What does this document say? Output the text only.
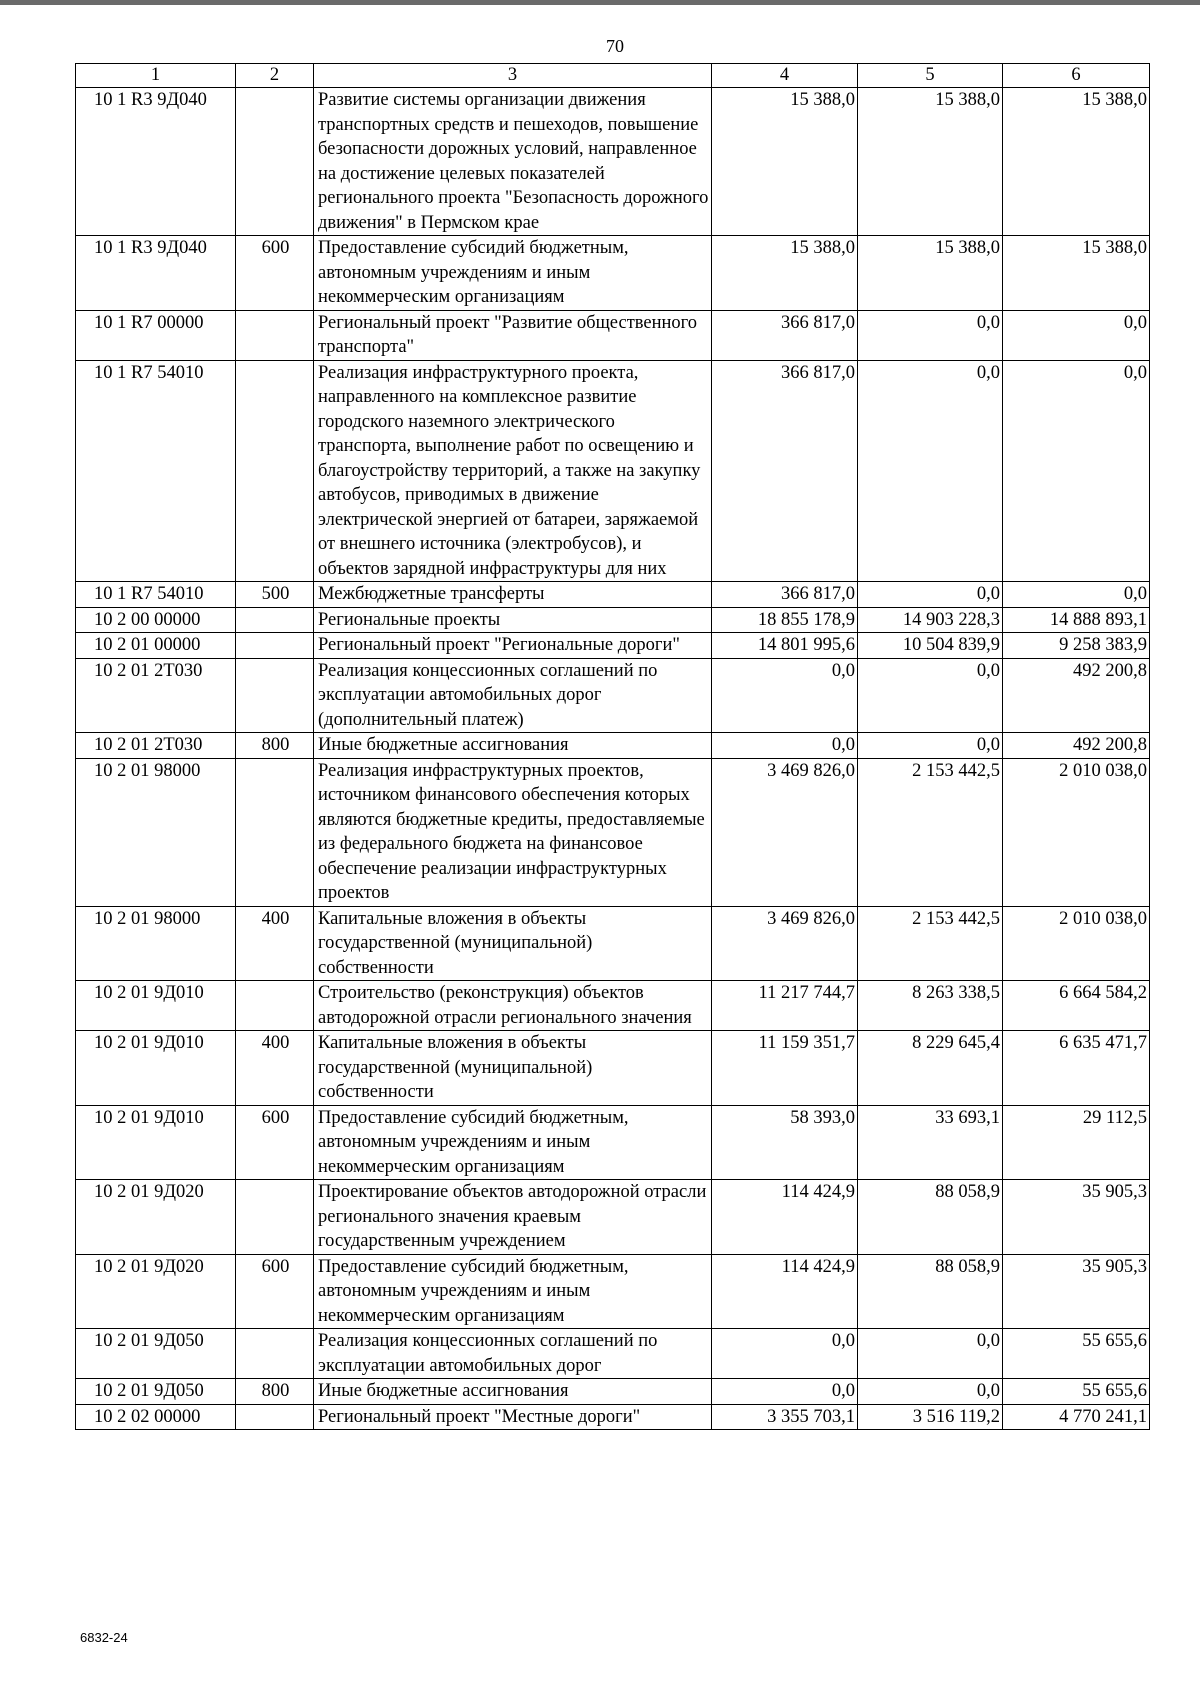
70
1	2	3	4	5	6
10 1 R3 9Д040		Развитие системы организации движения транспортных средств и пешеходов, повышение безопасности дорожных условий, направленное на достижение целевых показателей регионального проекта "Безопасность дорожного движения" в Пермском крае	15 388,0	15 388,0	15 388,0
10 1 R3 9Д040	600	Предоставление субсидий бюджетным, автономным учреждениям и иным некоммерческим организациям	15 388,0	15 388,0	15 388,0
10 1 R7 00000		Региональный проект "Развитие общественного транспорта"	366 817,0	0,0	0,0
10 1 R7 54010		Реализация инфраструктурного проекта, направленного на комплексное развитие городского наземного электрического транспорта, выполнение работ по освещению и благоустройству территорий, а также на закупку автобусов, приводимых в движение электрической энергией от батареи, заряжаемой от внешнего источника (электробусов), и объектов зарядной инфраструктуры для них	366 817,0	0,0	0,0
10 1 R7 54010	500	Межбюджетные трансферты	366 817,0	0,0	0,0
10 2 00 00000		Региональные проекты	18 855 178,9	14 903 228,3	14 888 893,1
10 2 01 00000		Региональный проект "Региональные дороги"	14 801 995,6	10 504 839,9	9 258 383,9
10 2 01 2Т030		Реализация концессионных соглашений по эксплуатации автомобильных дорог (дополнительный платеж)	0,0	0,0	492 200,8
10 2 01 2Т030	800	Иные бюджетные ассигнования	0,0	0,0	492 200,8
10 2 01 98000		Реализация инфраструктурных проектов, источником финансового обеспечения которых являются бюджетные кредиты, предоставляемые из федерального бюджета на финансовое обеспечение реализации инфраструктурных проектов	3 469 826,0	2 153 442,5	2 010 038,0
10 2 01 98000	400	Капитальные вложения в объекты государственной (муниципальной) собственности	3 469 826,0	2 153 442,5	2 010 038,0
10 2 01 9Д010		Строительство (реконструкция) объектов автодорожной отрасли регионального значения	11 217 744,7	8 263 338,5	6 664 584,2
10 2 01 9Д010	400	Капитальные вложения в объекты государственной (муниципальной) собственности	11 159 351,7	8 229 645,4	6 635 471,7
10 2 01 9Д010	600	Предоставление субсидий бюджетным, автономным учреждениям и иным некоммерческим организациям	58 393,0	33 693,1	29 112,5
10 2 01 9Д020		Проектирование объектов автодорожной отрасли регионального значения краевым государственным учреждением	114 424,9	88 058,9	35 905,3
10 2 01 9Д020	600	Предоставление субсидий бюджетным, автономным учреждениям и иным некоммерческим организациям	114 424,9	88 058,9	35 905,3
10 2 01 9Д050		Реализация концессионных соглашений по эксплуатации автомобильных дорог	0,0	0,0	55 655,6
10 2 01 9Д050	800	Иные бюджетные ассигнования	0,0	0,0	55 655,6
10 2 02 00000		Региональный проект "Местные дороги"	3 355 703,1	3 516 119,2	4 770 241,1
6832-24
